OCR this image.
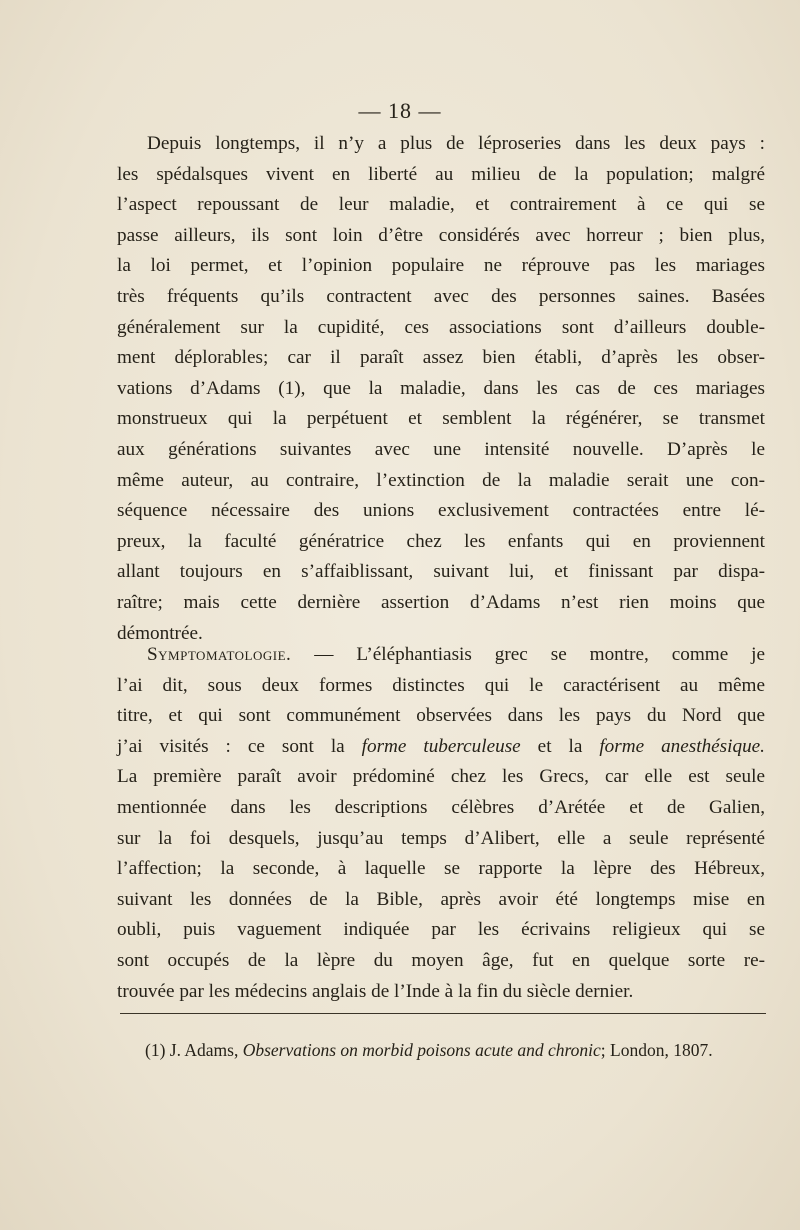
— 18 —
Depuis longtemps, il n’y a plus de léproseries dans les deux pays :
les spédalsques vivent en liberté au milieu de la population; malgré
l’aspect repoussant de leur maladie, et contrairement à ce qui se
passe ailleurs, ils sont loin d’être considérés avec horreur ; bien plus,
la loi permet, et l’opinion populaire ne réprouve pas les mariages
très fréquents qu’ils contractent avec des personnes saines. Basées
généralement sur la cupidité, ces associations sont d’ailleurs double-
ment déplorables; car il paraît assez bien établi, d’après les obser-
vations d’Adams (1), que la maladie, dans les cas de ces mariages
monstrueux qui la perpétuent et semblent la régénérer, se transmet
aux générations suivantes avec une intensité nouvelle. D’après le
même auteur, au contraire, l’extinction de la maladie serait une con-
séquence nécessaire des unions exclusivement contractées entre lé-
preux, la faculté génératrice chez les enfants qui en proviennent
allant toujours en s’affaiblissant, suivant lui, et finissant par dispa-
raître; mais cette dernière assertion d’Adams n’est rien moins que
démontrée.
Symptomatologie. — L’éléphantiasis grec se montre, comme je
l’ai dit, sous deux formes distinctes qui le caractérisent au même
titre, et qui sont communément observées dans les pays du Nord que
j’ai visités : ce sont la forme tuberculeuse et la forme anesthésique.
La première paraît avoir prédominé chez les Grecs, car elle est seule
mentionnée dans les descriptions célèbres d’Arétée et de Galien,
sur la foi desquels, jusqu’au temps d’Alibert, elle a seule représenté
l’affection; la seconde, à laquelle se rapporte la lèpre des Hébreux,
suivant les données de la Bible, après avoir été longtemps mise en
oubli, puis vaguement indiquée par les écrivains religieux qui se
sont occupés de la lèpre du moyen âge, fut en quelque sorte re-
trouvée par les médecins anglais de l’Inde à la fin du siècle dernier.
(1) J. Adams, Observations on morbid poisons acute and chronic; London, 1807.
